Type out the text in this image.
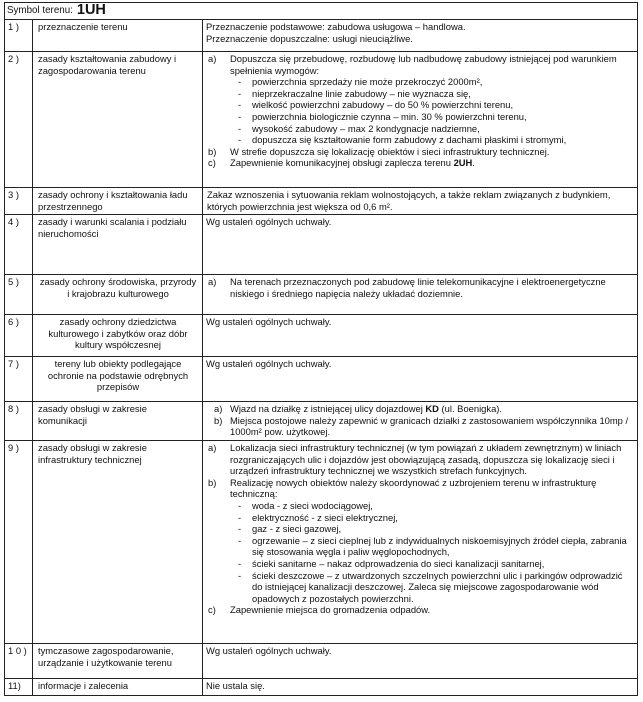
Symbol terenu: 1UH
1 )	przeznaczenie terenu	Przeznaczenie podstawowe: zabudowa usługowa – handlowa.
Przeznaczenie dopuszczalne: usługi nieuciążliwe.
2 )	zasady kształtowania zabudowy i zagospodarowania terenu
a)	Dopuszcza się przebudowę, rozbudowę lub nadbudowę zabudowy istniejącej pod warunkiem spełnienia wymogów:
-	powierzchnia sprzedaży nie może przekroczyć 2000m²,
-	nieprzekraczalne linie zabudowy – nie wyznacza się,
-	wielkość powierzchni zabudowy – do 50 % powierzchni terenu,
-	powierzchnia biologicznie czynna – min. 30 % powierzchni terenu,
-	wysokość zabudowy – max 2 kondygnacje nadziemne,
-	dopuszcza się kształtowanie form zabudowy z dachami płaskimi i stromymi,
b)	W strefie dopuszcza się lokalizację obiektów i sieci infrastruktury technicznej.
c)	Zapewnienie komunikacyjnej obsługi zaplecza terenu 2UH.
3 )	zasady ochrony i kształtowania ładu przestrzennego
Zakaz wznoszenia i sytuowania reklam wolnostojących, a także reklam związanych z budynkiem, których powierzchnia jest większa od 0,6 m².
4 )	zasady i warunki scalania i podziału nieruchomości
Wg ustaleń ogólnych uchwały.
5 )	zasady ochrony środowiska, przyrody i krajobrazu kulturowego
a)	Na terenach przeznaczonych pod zabudowę linie telekomunikacyjne i elektroenergetyczne niskiego i średniego napięcia należy układać doziemnie.
6 )	zasady ochrony dziedzictwa kulturowego i zabytków oraz dóbr kultury współczesnej
Wg ustaleń ogólnych uchwały.
7 )	tereny lub obiekty podlegające ochronie na podstawie odrębnych przepisów
Wg ustaleń ogólnych uchwały.
8 )	zasady obsługi w zakresie komunikacji
a) Wjazd na działkę z istniejącej ulicy dojazdowej KD (ul. Boenigka).
b) Miejsca postojowe należy zapewnić w granicach działki z zastosowaniem współczynnika 10mp / 1000m² pow. użytkowej.
9 )	zasady obsługi w zakresie infrastruktury technicznej
a)	Lokalizacja sieci infrastruktury technicznej (w tym powiązań z układem zewnętrznym) w liniach rozgraniczających ulic i dojazdów jest obowiązującą zasadą, dopuszcza się lokalizację sieci i urządzeń infrastruktury technicznej we wszystkich strefach funkcyjnych.
b)	Realizację nowych obiektów należy skoordynować z uzbrojeniem terenu w infrastrukturę techniczną:
-	woda - z sieci wodociągowej,
-	elektryczność - z sieci elektrycznej,
-	gaz - z sieci gazowej,
-	ogrzewanie – z sieci cieplnej lub z indywidualnych niskoemisyjnych źródeł ciepła, zabrania się stosowania węgla i paliw węglopochodnych,
-	ścieki sanitarne – nakaz odprowadzenia do sieci kanalizacji sanitarnej,
-	ścieki deszczowe – z utwardzonych szczelnych powierzchni ulic i parkingów odprowadzić do istniejącej kanalizacji deszczowej. Zaleca się miejscowe zagospodarowanie wód opadowych z pozostałych powierzchni.
c)	Zapewnienie miejsca do gromadzenia odpadów.
1 0 )	tymczasowe zagospodarowanie, urządzanie i użytkowanie terenu
Wg ustaleń ogólnych uchwały.
11)	informacje i zalecenia	Nie ustala się.
